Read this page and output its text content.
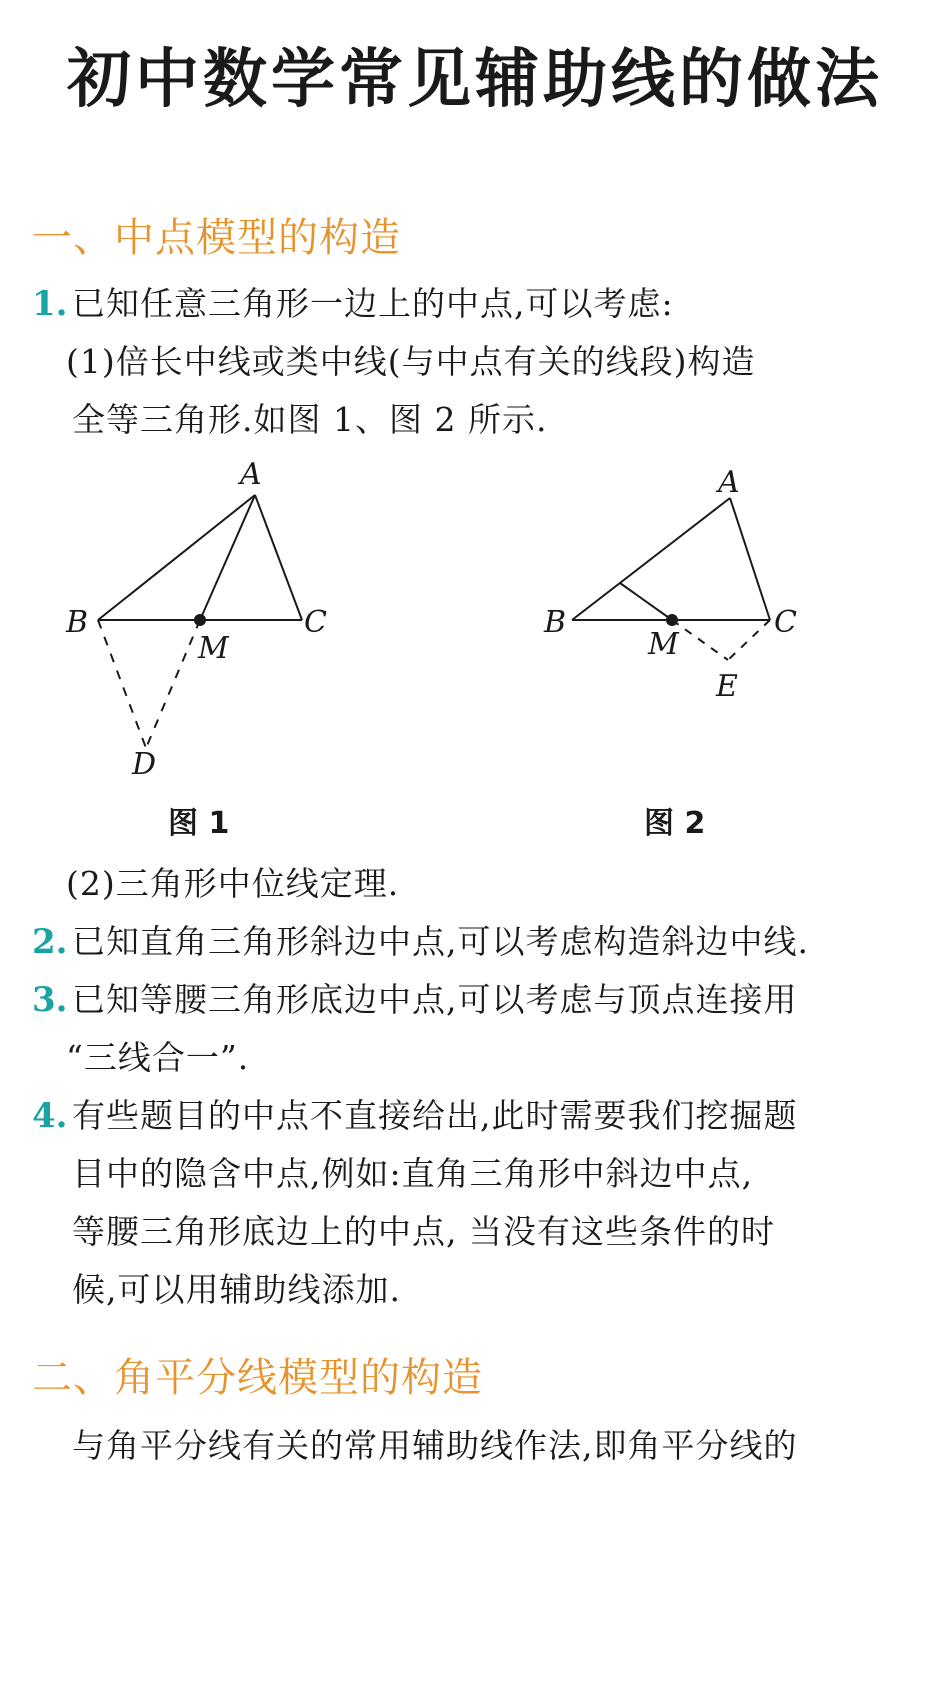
初中数学常见辅助线的做法
一、中点模型的构造
1. 已知任意三角形一边上的中点,可以考虑:
(1)倍长中线或类中线(与中点有关的线段)构造
全等三角形.如图 1、图 2 所示.
A
B	C
M
D
图 1
A
B	C
M
E
图 2
(2)三角形中位线定理.
2. 已知直角三角形斜边中点,可以考虑构造斜边中线.
3. 已知等腰三角形底边中点,可以考虑与顶点连接用
“三线合一”.
4. 有些题目的中点不直接给出,此时需要我们挖掘题
目中的隐含中点,例如:直角三角形中斜边中点,
等腰三角形底边上的中点, 当没有这些条件的时
候,可以用辅助线添加.
二、角平分线模型的构造
与角平分线有关的常用辅助线作法,即角平分线的
